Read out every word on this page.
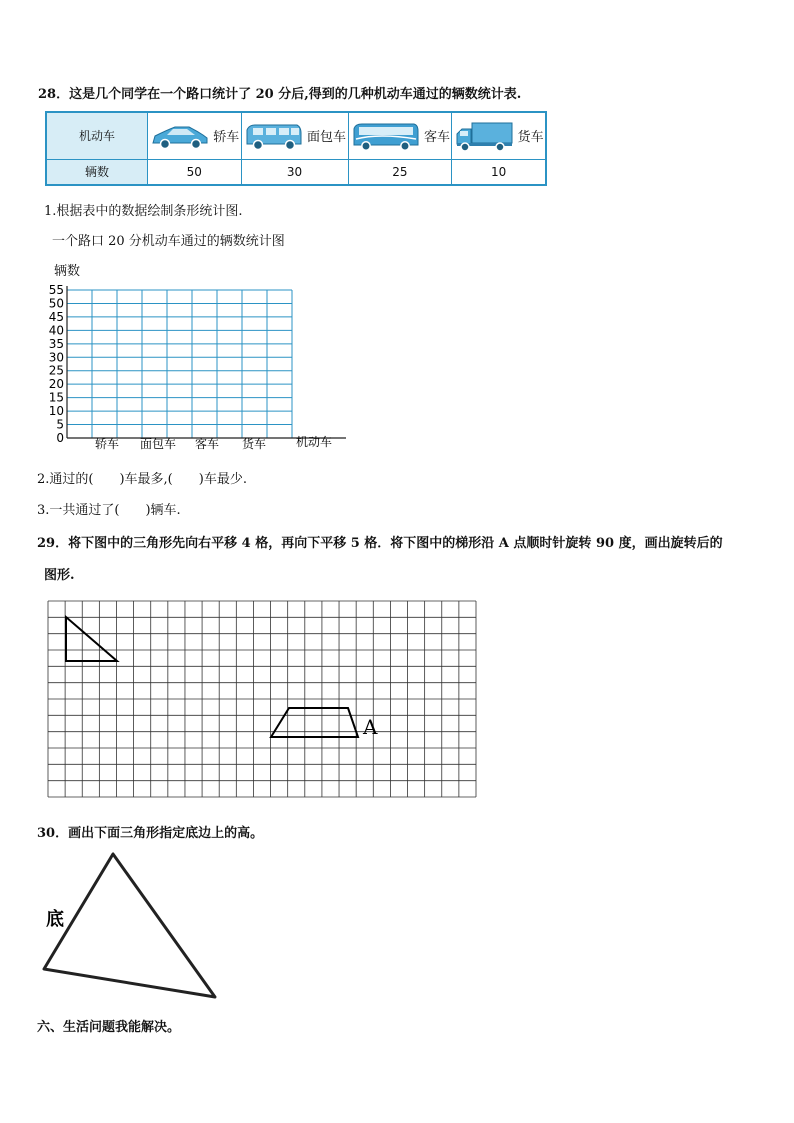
28．这是几个同学在一个路口统计了 20 分后,得到的几种机动车通过的辆数统计表.
机动车	轿车	面包车	客车	货车

辆数	50	30	25	10
1.根据表中的数据绘制条形统计图.
一个路口 20 分机动车通过的辆数统计图
辆数
0
5
10
15
20
25
30
35
40
45
50
55
轿车 面包车 客车 货车 机动车
2.通过的(　　)车最多,(　　)车最少.
3.一共通过了(　　)辆车.
29．将下图中的三角形先向右平移 4 格，再向下平移 5 格．将下图中的梯形沿 A 点顺时针旋转 90 度，画出旋转后的
图形.
A
30．画出下面三角形指定底边上的高。
底
六、生活问题我能解决。
